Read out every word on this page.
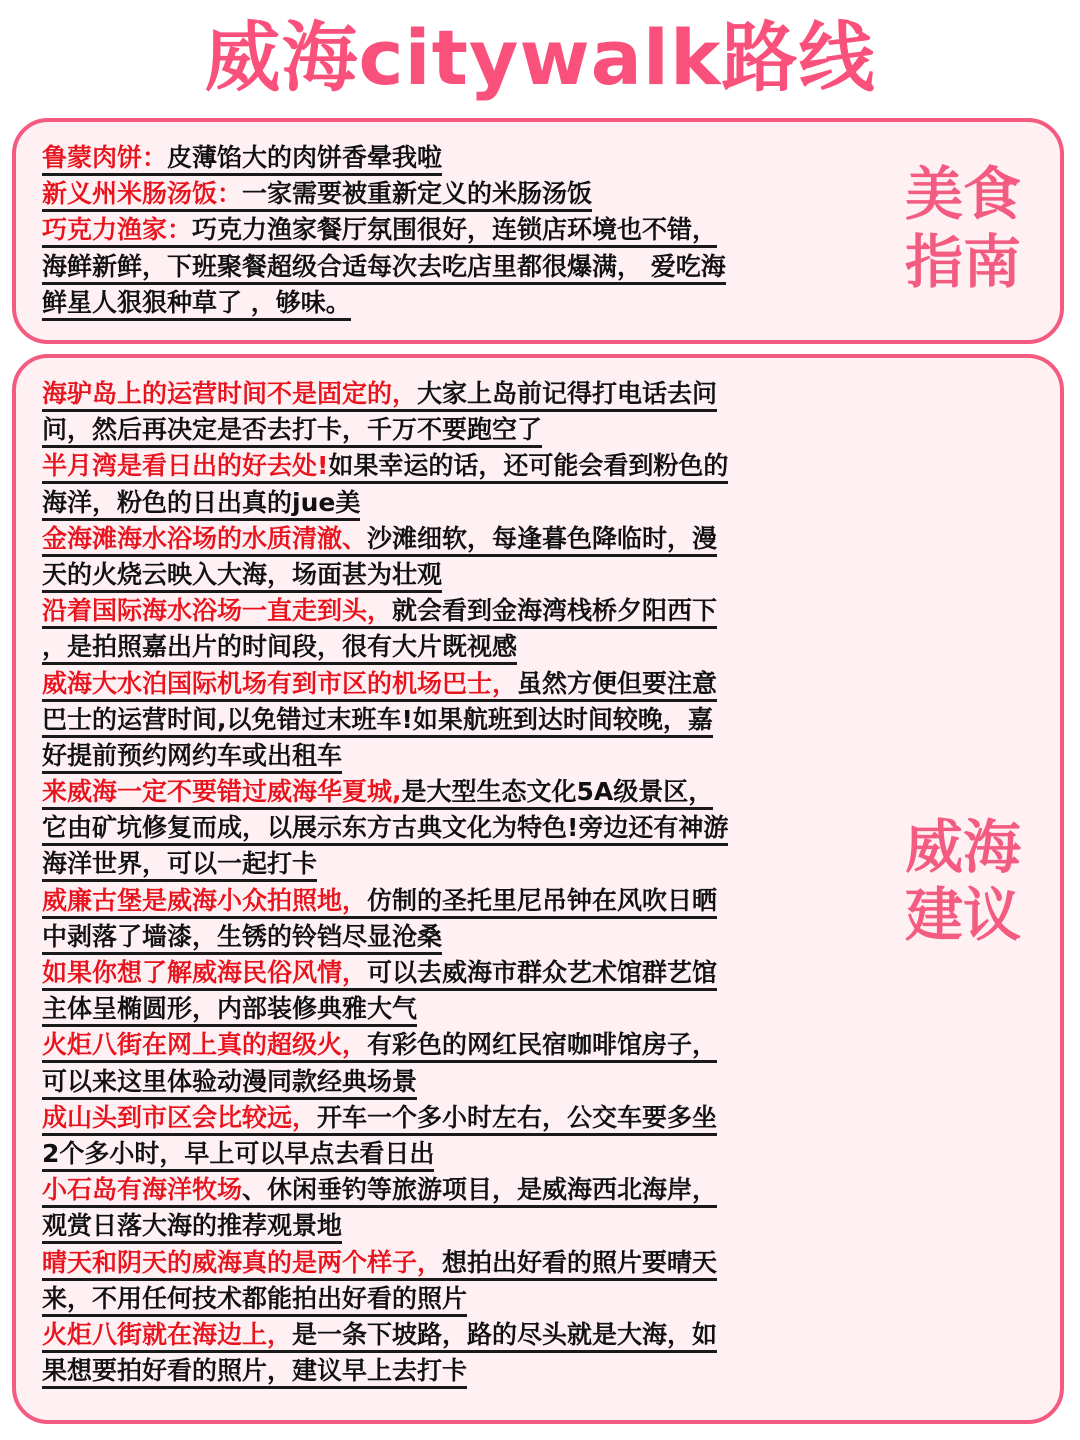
威海citywalk路线
鲁蒙肉饼：皮薄馅大的肉饼香晕我啦
新义州米肠汤饭：一家需要被重新定义的米肠汤饭
巧克力渔家：巧克力渔家餐厅氛围很好，连锁店环境也不错，
海鲜新鲜，下班聚餐超级合适每次去吃店里都很爆满， 爱吃海
鲜星人狠狠种草了 ，够味。
美食
指南
海驴岛上的运营时间不是固定的，大家上岛前记得打电话去问
问，然后再决定是否去打卡，千万不要跑空了
半月湾是看日出的好去处!如果幸运的话，还可能会看到粉色的
海洋，粉色的日出真的jue美
金海滩海水浴场的水质清澈、沙滩细软，每逢暮色降临时，漫
天的火烧云映入大海，场面甚为壮观
沿着国际海水浴场一直走到头，就会看到金海湾栈桥夕阳西下
，是拍照嘉出片的时间段，很有大片既视感
威海大水泊国际机场有到市区的机场巴士，虽然方便但要注意
巴士的运营时间,以免错过末班车!如果航班到达时间较晚，嘉
好提前预约网约车或出租车
来威海一定不要错过威海华夏城,是大型生态文化5A级景区，
它由矿坑修复而成，以展示东方古典文化为特色!旁边还有神游
海洋世界，可以一起打卡
威廉古堡是威海小众拍照地，仿制的圣托里尼吊钟在风吹日晒
中剥落了墙漆，生锈的铃铛尽显沧桑
如果你想了解威海民俗风情，可以去威海市群众艺术馆群艺馆
主体呈椭圆形，内部装修典雅大气
火炬八街在网上真的超级火，有彩色的网红民宿咖啡馆房子，
可以来这里体验动漫同款经典场景
成山头到市区会比较远，开车一个多小时左右，公交车要多坐
2个多小时，早上可以早点去看日出
小石岛有海洋牧场、休闲垂钓等旅游项目，是威海西北海岸，
观赏日落大海的推荐观景地
晴天和阴天的威海真的是两个样子，想拍出好看的照片要晴天
来，不用任何技术都能拍出好看的照片
火炬八街就在海边上，是一条下坡路，路的尽头就是大海，如
果想要拍好看的照片，建议早上去打卡
威海
建议
